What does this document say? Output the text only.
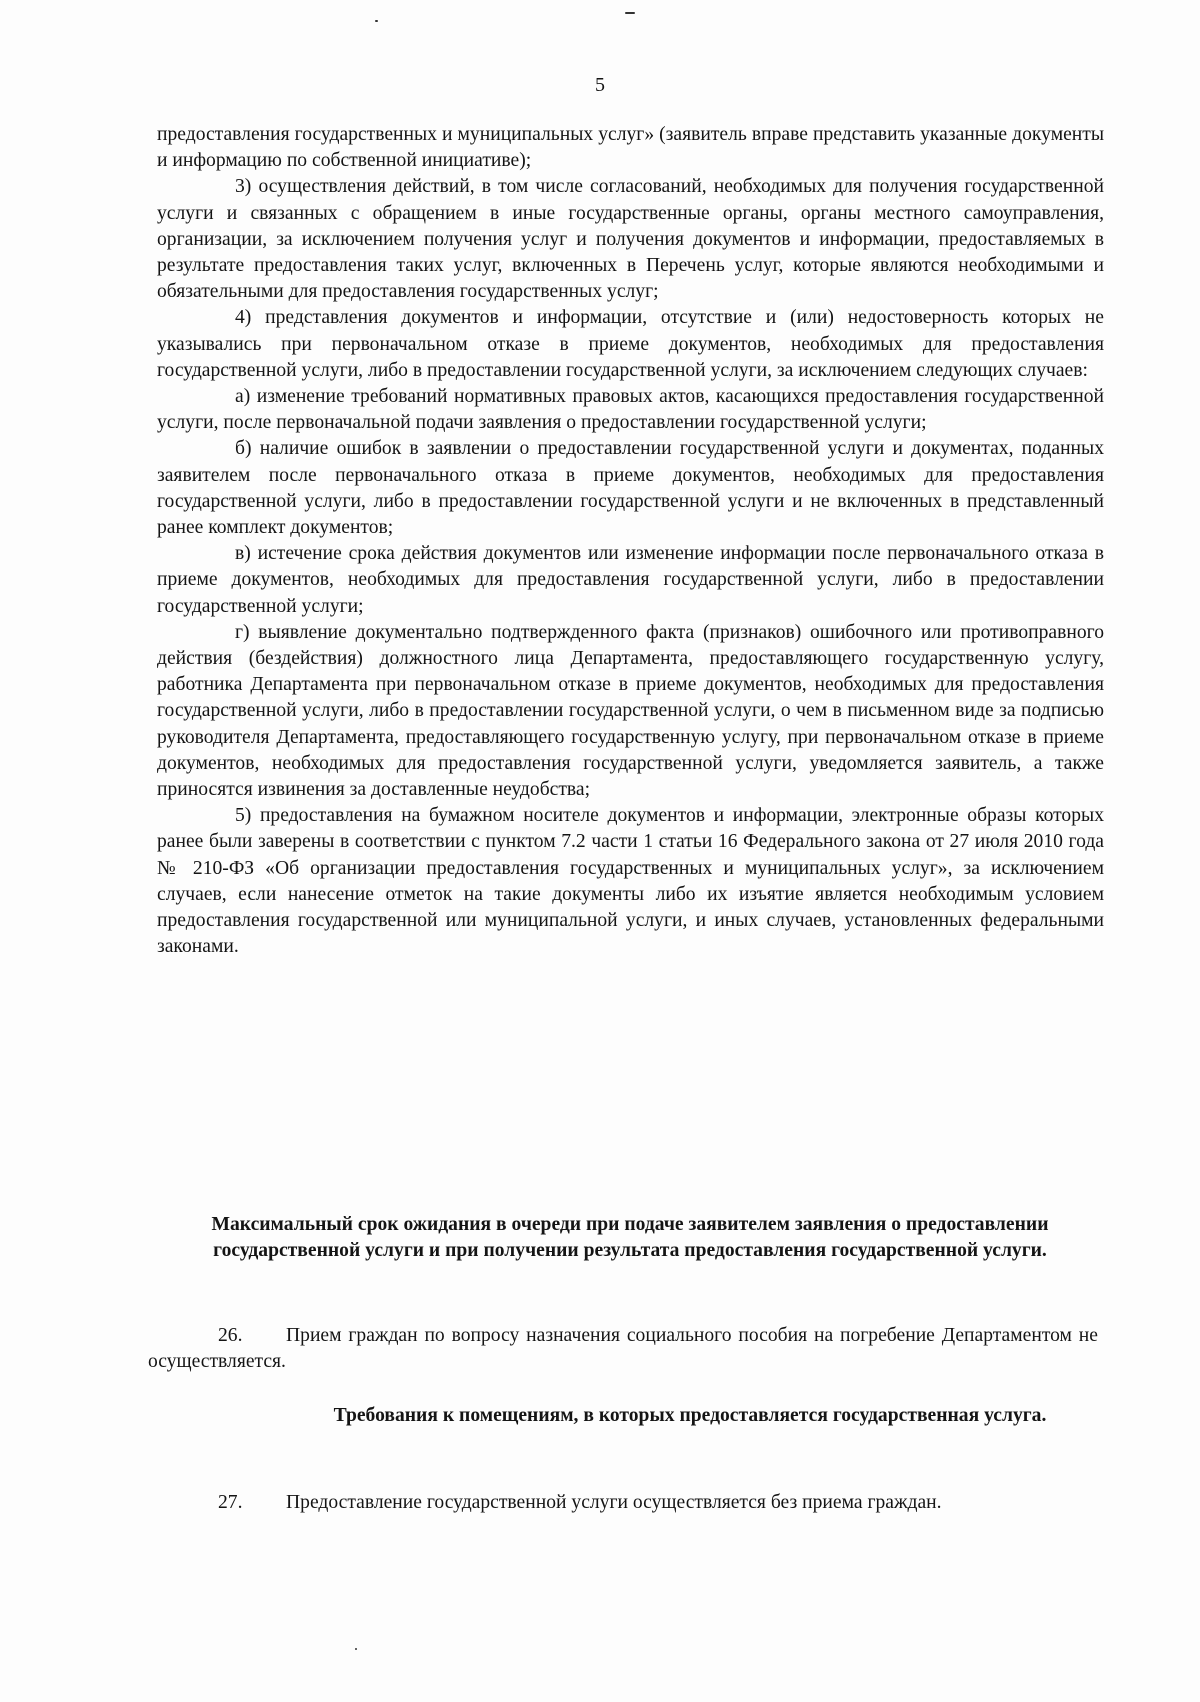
5

предоставления государственных и муниципальных услуг» (заявитель вправе представить указанные документы и информацию по собственной инициативе);

3) осуществления действий, в том числе согласований, необходимых для получения государственной услуги и связанных с обращением в иные государственные органы, органы местного самоуправления, организации, за исключением получения услуг и получения документов и информации, предоставляемых в результате предоставления таких услуг, включенных в Перечень услуг, которые являются необходимыми и обязательными для предоставления государственных услуг;

4) представления документов и информации, отсутствие и (или) недостоверность которых не указывались при первоначальном отказе в приеме документов, необходимых для предоставления государственной услуги, либо в предоставлении государственной услуги, за исключением следующих случаев:

а) изменение требований нормативных правовых актов, касающихся предоставления государственной услуги, после первоначальной подачи заявления о предоставлении государственной услуги;

б) наличие ошибок в заявлении о предоставлении государственной услуги и документах, поданных заявителем после первоначального отказа в приеме документов, необходимых для предоставления государственной услуги, либо в предоставлении государственной услуги и не включенных в представленный ранее комплект документов;

в) истечение срока действия документов или изменение информации после первоначального отказа в приеме документов, необходимых для предоставления государственной услуги, либо в предоставлении государственной услуги;

г) выявление документально подтвержденного факта (признаков) ошибочного или противоправного действия (бездействия) должностного лица Департамента, предоставляющего государственную услугу, работника Департамента при первоначальном отказе в приеме документов, необходимых для предоставления государственной услуги, либо в предоставлении государственной услуги, о чем в письменном виде за подписью руководителя Департамента, предоставляющего государственную услугу, при первоначальном отказе в приеме документов, необходимых для предоставления государственной услуги, уведомляется заявитель, а также приносятся извинения за доставленные неудобства;

5) предоставления на бумажном носителе документов и информации, электронные образы которых ранее были заверены в соответствии с пунктом 7.2 части 1 статьи 16 Федерального закона от 27 июля 2010 года № 210-ФЗ «Об организации предоставления государственных и муниципальных услуг», за исключением случаев, если нанесение отметок на такие документы либо их изъятие является необходимым условием предоставления государственной или муниципальной услуги, и иных случаев, установленных федеральными законами.

Максимальный срок ожидания в очереди при подаче заявителем заявления о предоставлении государственной услуги и при получении результата предоставления государственной услуги.

26. Прием граждан по вопросу назначения социального пособия на погребение Департаментом не осуществляется.

Требования к помещениям, в которых предоставляется государственная услуга.

27. Предоставление государственной услуги осуществляется без приема граждан.
